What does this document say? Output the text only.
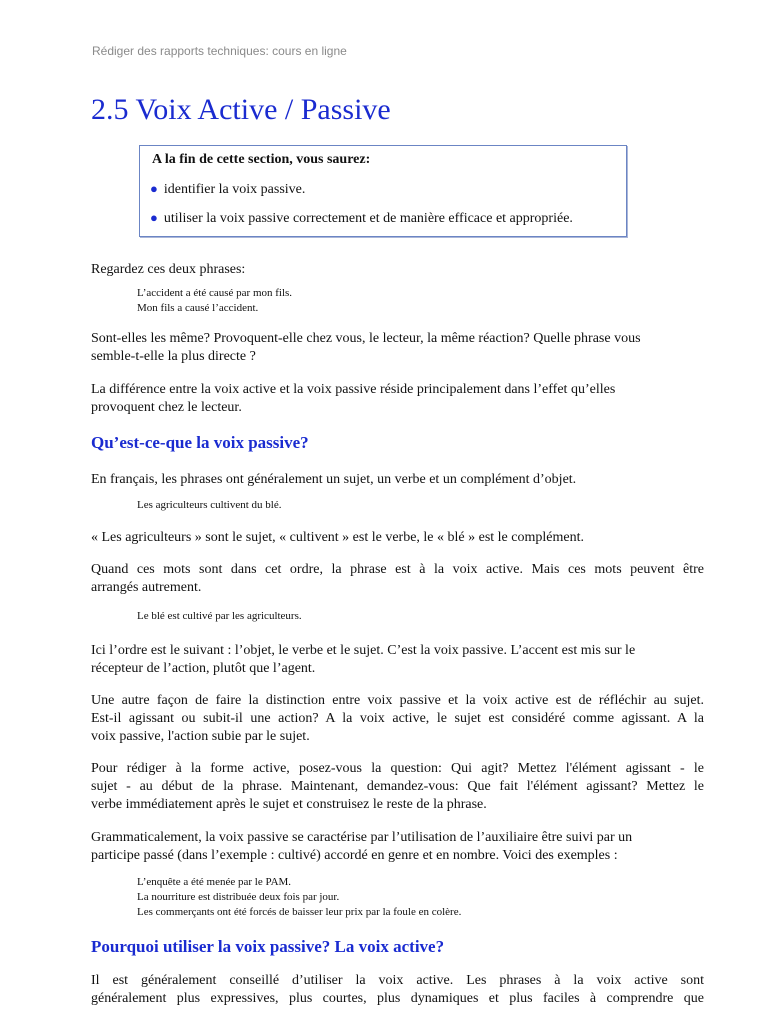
Rédiger des rapports techniques: cours en ligne
2.5 Voix Active / Passive
A la fin de cette section, vous saurez:
● identifier la voix passive.
● utiliser la voix passive correctement et de manière efficace et appropriée.

Regardez ces deux phrases:

L’accident a été causé par mon fils.
Mon fils a causé l’accident.
Sont-elles les même? Provoquent-elle chez vous, le lecteur, la même réaction? Quelle phrase vous
semble-t-elle la plus directe ?
La différence entre la voix active et la voix passive réside principalement dans l’effet qu’elles
provoquent chez le lecteur.
Qu’est-ce-que la voix passive?
En français, les phrases ont généralement un sujet, un verbe et un complément d’objet.
Les agriculteurs cultivent du blé.
« Les agriculteurs » sont le sujet, « cultivent » est le verbe, le « blé » est le complément.
Quand ces mots sont dans cet ordre, la phrase est à la voix active. Mais ces mots peuvent être
arrangés autrement.
Le blé est cultivé par les agriculteurs.
Ici l’ordre est le suivant : l’objet, le verbe et le sujet. C’est la voix passive. L’accent est mis sur le
récepteur de l’action, plutôt que l’agent.
Une autre façon de faire la distinction entre voix passive et la voix active est de réfléchir au sujet.
Est-il agissant ou subit-il une action? A la voix active, le sujet est considéré comme agissant. A la
voix passive, l'action subie par le sujet.
Pour rédiger à la forme active, posez-vous la question: Qui agit? Mettez l'élément agissant - le
sujet - au début de la phrase. Maintenant, demandez-vous: Que fait l'élément agissant? Mettez le
verbe immédiatement après le sujet et construisez le reste de la phrase.
Grammaticalement, la voix passive se caractérise par l’utilisation de l’auxiliaire être suivi par un
participe passé (dans l’exemple : cultivé) accordé en genre et en nombre. Voici des exemples :
L’enquête a été menée par le PAM.
La nourriture est distribuée deux fois par jour.
Les commerçants ont été forcés de baisser leur prix par la foule en colère.
Pourquoi utiliser la voix passive? La voix active?
Il est généralement conseillé d’utiliser la voix active. Les phrases à la voix active sont
généralement plus expressives, plus courtes, plus dynamiques et plus faciles à comprendre que
